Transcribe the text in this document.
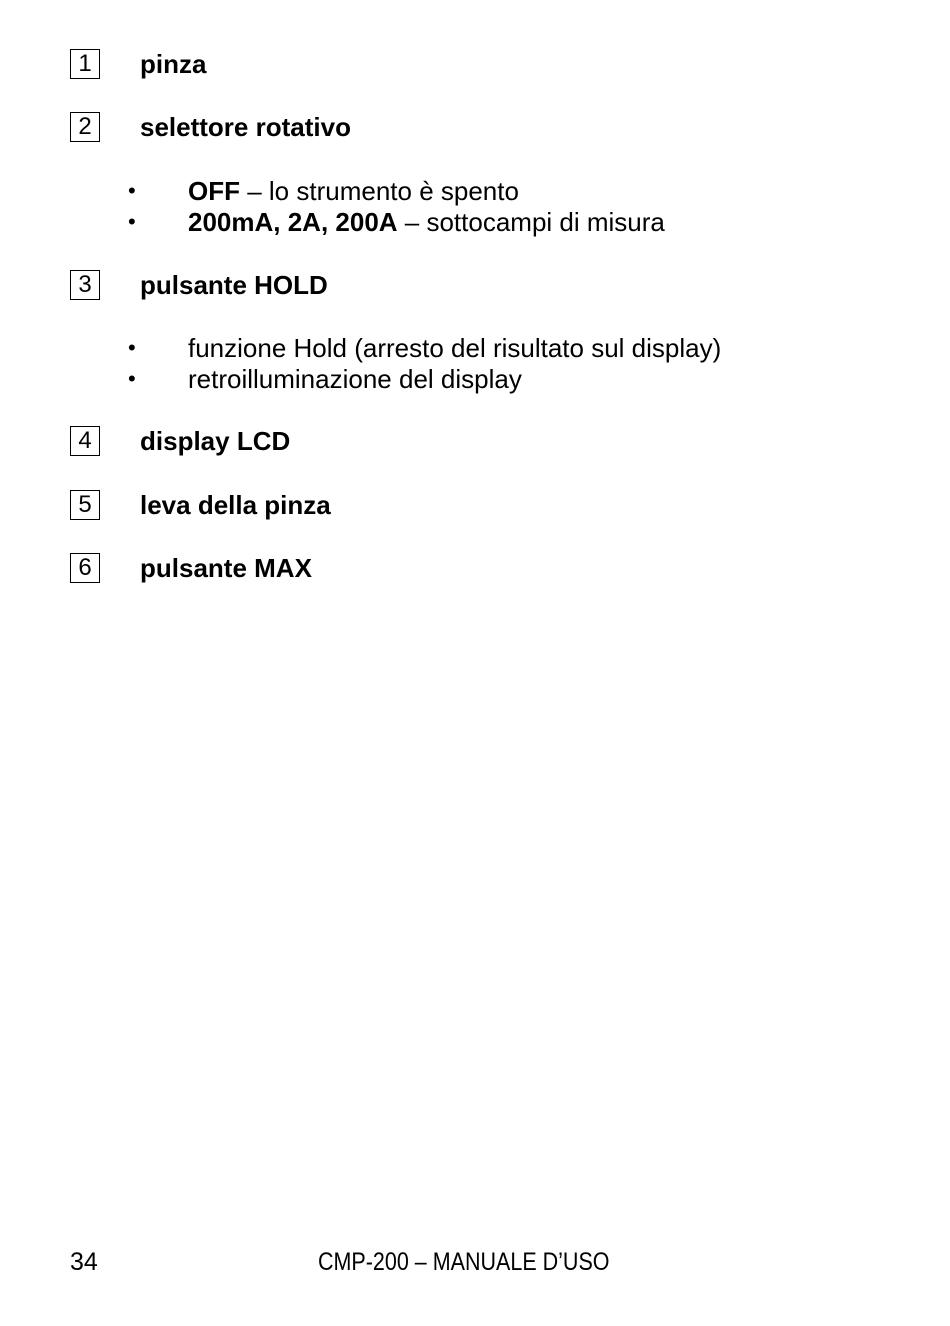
1	pinza
2	selettore rotativo
• OFF – lo strumento è spento
• 200mA, 2A, 200A – sottocampi di misura
3	pulsante HOLD
• funzione Hold (arresto del risultato sul display)
• retroilluminazione del display
4	display LCD
5	leva della pinza
6	pulsante MAX
34	CMP-200 – MANUALE D’USO
